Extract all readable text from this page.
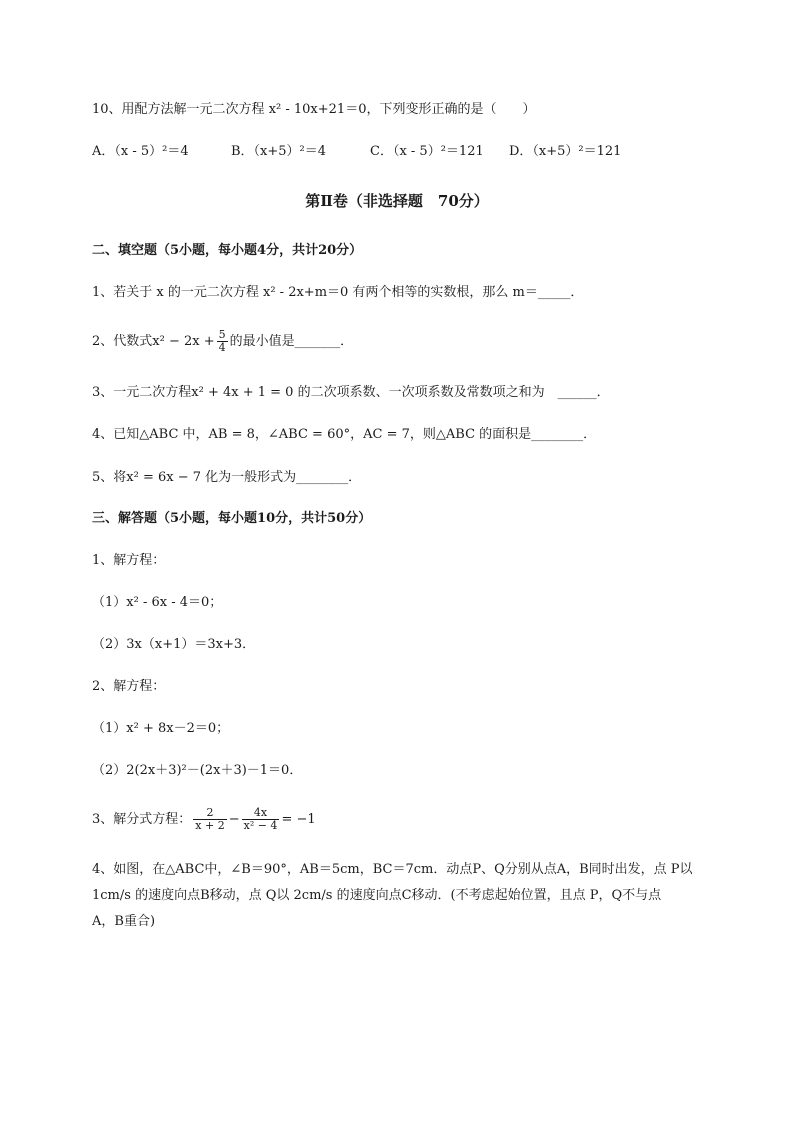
10、用配方法解一元二次方程 x² - 10x+21＝0，下列变形正确的是（　　）
A．（x - 5）²＝4	B．（x+5）²＝4	C．（x - 5）²＝121 D．（x+5）²＝121
第Ⅱ卷（非选择题　70分）
二、填空题（5小题，每小题4分，共计20分）
1、若关于 x 的一元二次方程 x² - 2x+m＝0 有两个相等的实数根，那么 m＝_____．
2、代数式$x^2 - 2x + \frac{5}{4}$ 的最小值是_______．
3、一元二次方程x² + 4x + 1 = 0 的二次项系数、一次项系数及常数项之和为　______．
4、已知△ABC 中，AB = 8，∠ABC = 60°，AC = 7，则△ABC 的面积是________．
5、将x² = 6x − 7 化为一般形式为________．
三、解答题（5小题，每小题10分，共计50分）
1、解方程：
（1）x² - 6x - 4＝0；
（2）3x（x+1）＝3x+3．
2、解方程：
（1）x² + 8x－2＝0；
（2）2(2x＋3)²－(2x＋3)－1＝0．
3、解分式方程： $\frac{2}{x + 2} - \frac{4x}{\text{x² − 4}} = -1$
4、如图，在△ABC中，∠B＝90°，AB＝5cm，BC＝7cm．动点P、Q分别从点A，B同时出发，点 P以
1cm/s 的速度向点B移动，点 Q以 2cm/s 的速度向点C移动．(不考虑起始位置，且点 P，Q不与点
A，B重合)
